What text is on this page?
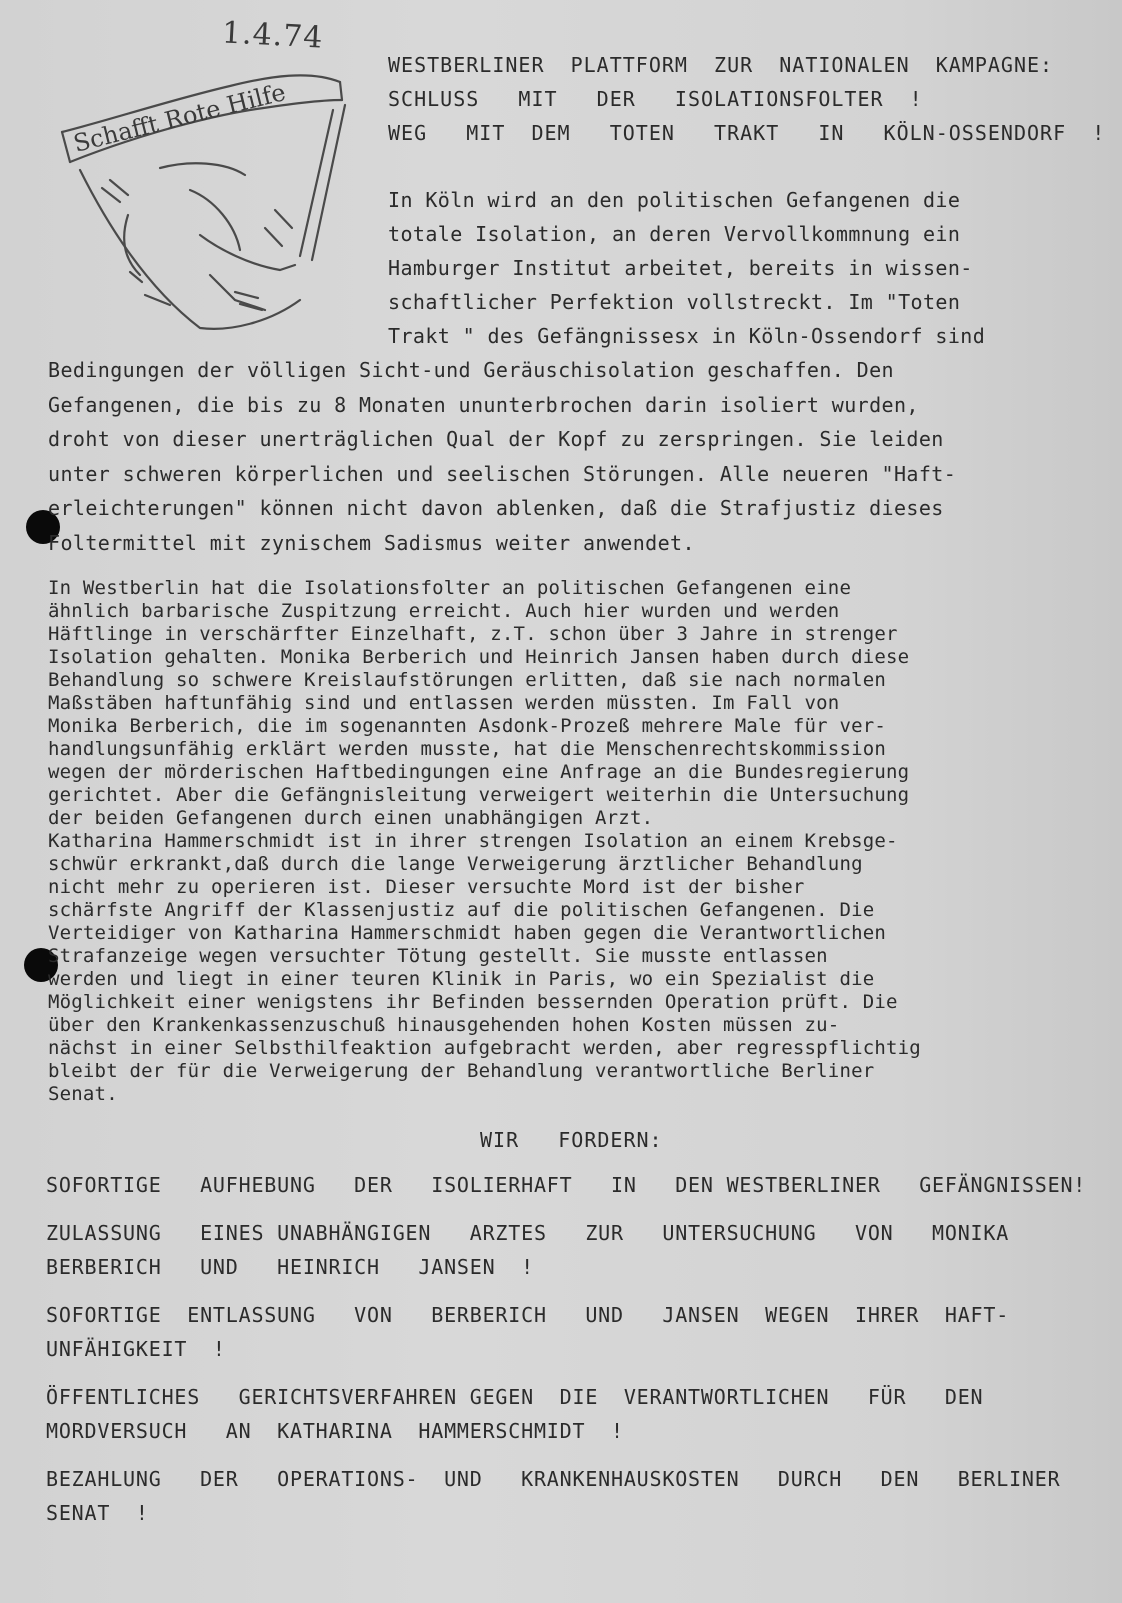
1.4.74
Schafft Rote Hilfe
WESTBERLINER  PLATTFORM  ZUR  NATIONALEN  KAMPAGNE:
SCHLUSS   MIT   DER   ISOLATIONSFOLTER  !
WEG   MIT  DEM   TOTEN   TRAKT   IN   KÖLN-OSSENDORF  !
In Köln wird an den politischen Gefangenen die
totale Isolation, an deren Vervollkommnung ein
Hamburger Institut arbeitet, bereits in wissen-
schaftlicher Perfektion vollstreckt. Im "Toten
Trakt " des Gefängnissesx in Köln-Ossendorf sind
Bedingungen der völligen Sicht-und Geräuschisolation geschaffen. Den
Gefangenen, die bis zu 8 Monaten ununterbrochen darin isoliert wurden,
droht von dieser unerträglichen Qual der Kopf zu zerspringen. Sie leiden
unter schweren körperlichen und seelischen Störungen. Alle neueren "Haft-
erleichterungen" können nicht davon ablenken, daß die Strafjustiz dieses
Foltermittel mit zynischem Sadismus weiter anwendet.
In Westberlin hat die Isolationsfolter an politischen Gefangenen eine
ähnlich barbarische Zuspitzung erreicht. Auch hier wurden und werden
Häftlinge in verschärfter Einzelhaft, z.T. schon über 3 Jahre in strenger
Isolation gehalten. Monika Berberich und Heinrich Jansen haben durch diese
Behandlung so schwere Kreislaufstörungen erlitten, daß sie nach normalen
Maßstäben haftunfähig sind und entlassen werden müssten. Im Fall von
Monika Berberich, die im sogenannten Asdonk-Prozeß mehrere Male für ver-
handlungsunfähig erklärt werden musste, hat die Menschenrechtskommission
wegen der mörderischen Haftbedingungen eine Anfrage an die Bundesregierung
gerichtet. Aber die Gefängnisleitung verweigert weiterhin die Untersuchung
der beiden Gefangenen durch einen unabhängigen Arzt.
Katharina Hammerschmidt ist in ihrer strengen Isolation an einem Krebsge-
schwür erkrankt,daß durch die lange Verweigerung ärztlicher Behandlung
nicht mehr zu operieren ist. Dieser versuchte Mord ist der bisher
schärfste Angriff der Klassenjustiz auf die politischen Gefangenen. Die
Verteidiger von Katharina Hammerschmidt haben gegen die Verantwortlichen
Strafanzeige wegen versuchter Tötung gestellt. Sie musste entlassen
werden und liegt in einer teuren Klinik in Paris, wo ein Spezialist die
Möglichkeit einer wenigstens ihr Befinden bessernden Operation prüft. Die
über den Krankenkassenzuschuß hinausgehenden hohen Kosten müssen zu-
nächst in einer Selbsthilfeaktion aufgebracht werden, aber regresspflichtig
bleibt der für die Verweigerung der Behandlung verantwortliche Berliner
Senat.
WIR   FORDERN:
SOFORTIGE   AUFHEBUNG   DER   ISOLIERHAFT   IN   DEN WESTBERLINER   GEFÄNGNISSEN!
ZULASSUNG   EINES UNABHÄNGIGEN   ARZTES   ZUR   UNTERSUCHUNG   VON   MONIKA
BERBERICH   UND   HEINRICH   JANSEN  !
SOFORTIGE  ENTLASSUNG   VON   BERBERICH   UND   JANSEN  WEGEN  IHRER  HAFT-
UNFÄHIGKEIT  !
ÖFFENTLICHES   GERICHTSVERFAHREN GEGEN  DIE  VERANTWORTLICHEN   FÜR   DEN
MORDVERSUCH   AN  KATHARINA  HAMMERSCHMIDT  !
BEZAHLUNG   DER   OPERATIONS-  UND   KRANKENHAUSKOSTEN   DURCH   DEN   BERLINER
SENAT  !
